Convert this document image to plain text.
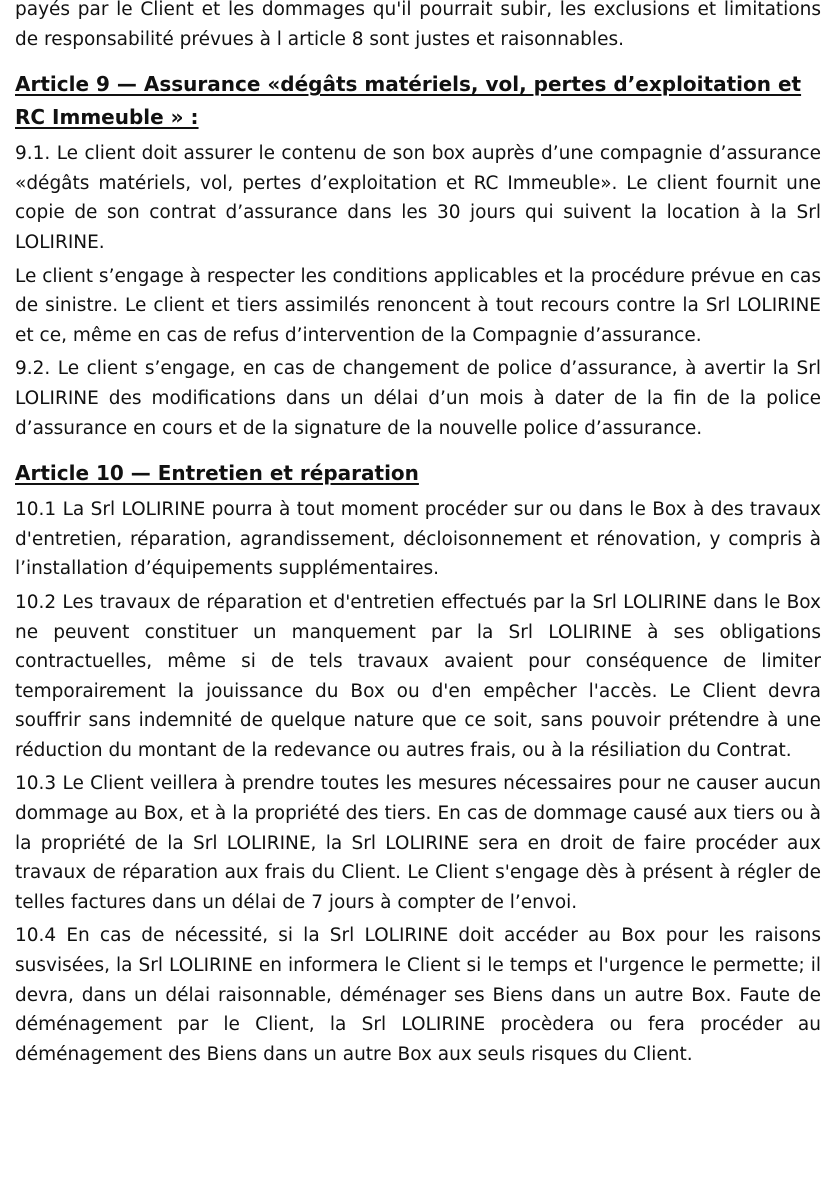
payés par le Client et les dommages qu'il pourrait subir, les exclusions et limitations de responsabilité prévues à l article 8 sont justes et raisonnables.

Article 9 — Assurance «dégâts matériels, vol, pertes d’exploitation et RC Immeuble » :

9.1. Le client doit assurer le contenu de son box auprès d’une compagnie d’assurance «dégâts matériels, vol, pertes d’exploitation et RC Immeuble». Le client fournit une copie de son contrat d’assurance dans les 30 jours qui suivent la location à la Srl LOLIRINE.

Le client s’engage à respecter les conditions applicables et la procédure prévue en cas de sinistre. Le client et tiers assimilés renoncent à tout recours contre la Srl LOLIRINE et ce, même en cas de refus d’intervention de la Compagnie d’assurance.

9.2. Le client s’engage, en cas de changement de police d’assurance, à avertir la Srl LOLIRINE des modifications dans un délai d’un mois à dater de la fin de la police d’assurance en cours et de la signature de la nouvelle police d’assurance.

Article 10 — Entretien et réparation

10.1 La Srl LOLIRINE pourra à tout moment procéder sur ou dans le Box à des travaux d'entretien, réparation, agrandissement, décloisonnement et rénovation, y compris à l’installation d’équipements supplémentaires.

10.2 Les travaux de réparation et d'entretien effectués par la Srl LOLIRINE dans le Box ne peuvent constituer un manquement par la Srl LOLIRINE à ses obligations contractuelles, même si de tels travaux avaient pour conséquence de limiter temporairement la jouissance du Box ou d'en empêcher l'accès. Le Client devra souffrir sans indemnité de quelque nature que ce soit, sans pouvoir prétendre à une réduction du montant de la redevance ou autres frais, ou à la résiliation du Contrat.

10.3 Le Client veillera à prendre toutes les mesures nécessaires pour ne causer aucun dommage au Box, et à la propriété des tiers. En cas de dommage causé aux tiers ou à la propriété de la Srl LOLIRINE, la Srl LOLIRINE sera en droit de faire procéder aux travaux de réparation aux frais du Client. Le Client s'engage dès à présent à régler de telles factures dans un délai de 7 jours à compter de l’envoi.

10.4 En cas de nécessité, si la Srl LOLIRINE doit accéder au Box pour les raisons susvisées, la Srl LOLIRINE en informera le Client si le temps et l'urgence le permette; il devra, dans un délai raisonnable, déménager ses Biens dans un autre Box. Faute de déménagement par le Client, la Srl LOLIRINE procèdera ou fera procéder au déménagement des Biens dans un autre Box aux seuls risques du Client.
